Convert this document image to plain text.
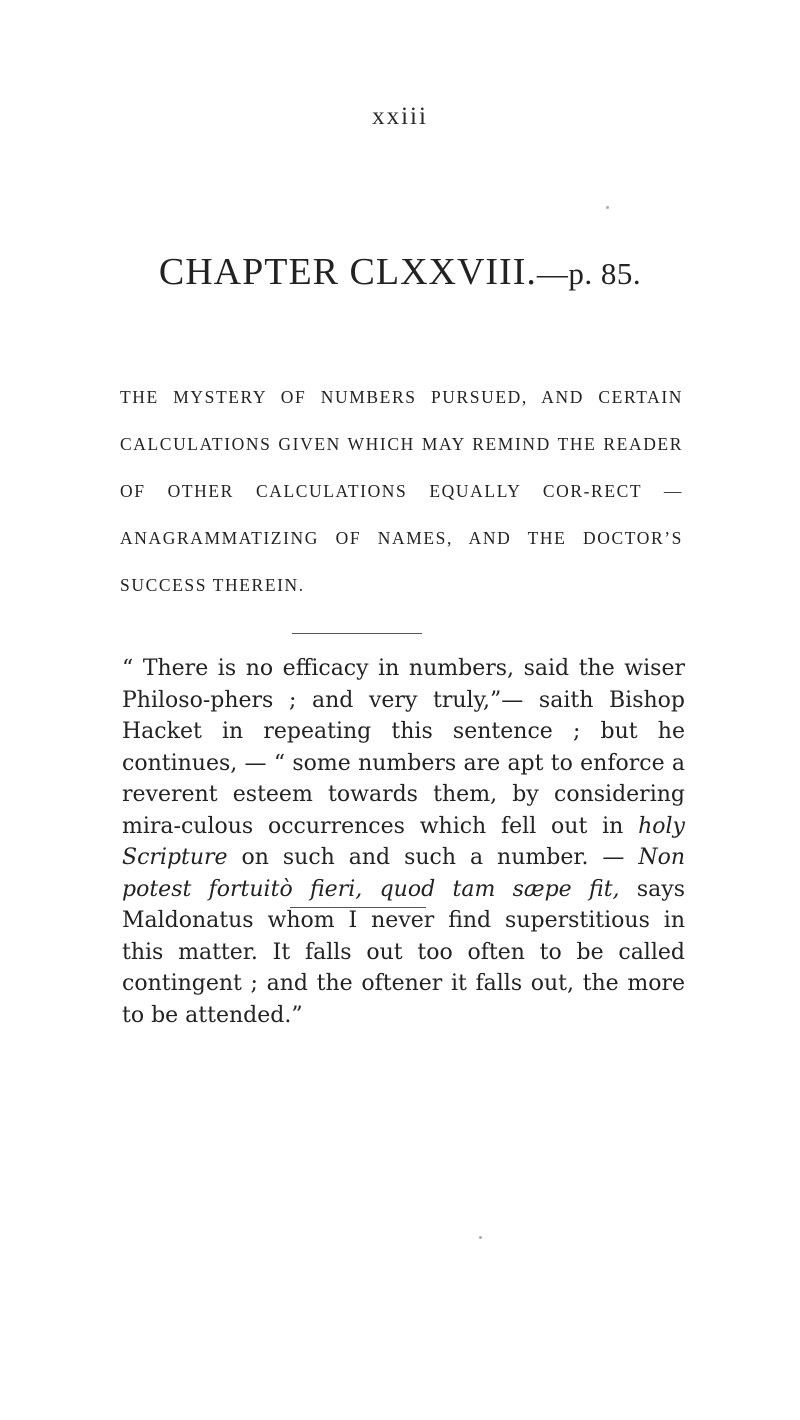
xxiii
CHAPTER CLXXVIII.—p. 85.
THE MYSTERY OF NUMBERS PURSUED, AND CERTAIN CALCULATIONS GIVEN WHICH MAY REMIND THE READER OF OTHER CALCULATIONS EQUALLY COR-RECT — ANAGRAMMATIZING OF NAMES, AND THE DOCTOR’S SUCCESS THEREIN.
“ There is no efficacy in numbers, said the wiser Philoso-phers ; and very truly,”— saith Bishop Hacket in repeating this sentence ; but he continues, — “ some numbers are apt to enforce a reverent esteem towards them, by considering mira-culous occurrences which fell out in holy Scripture on such and such a number. — Non potest fortuitò fieri, quod tam sæpe fit, says Maldonatus whom I never find superstitious in this matter. It falls out too often to be called contingent ; and the oftener it falls out, the more to be attended.”
